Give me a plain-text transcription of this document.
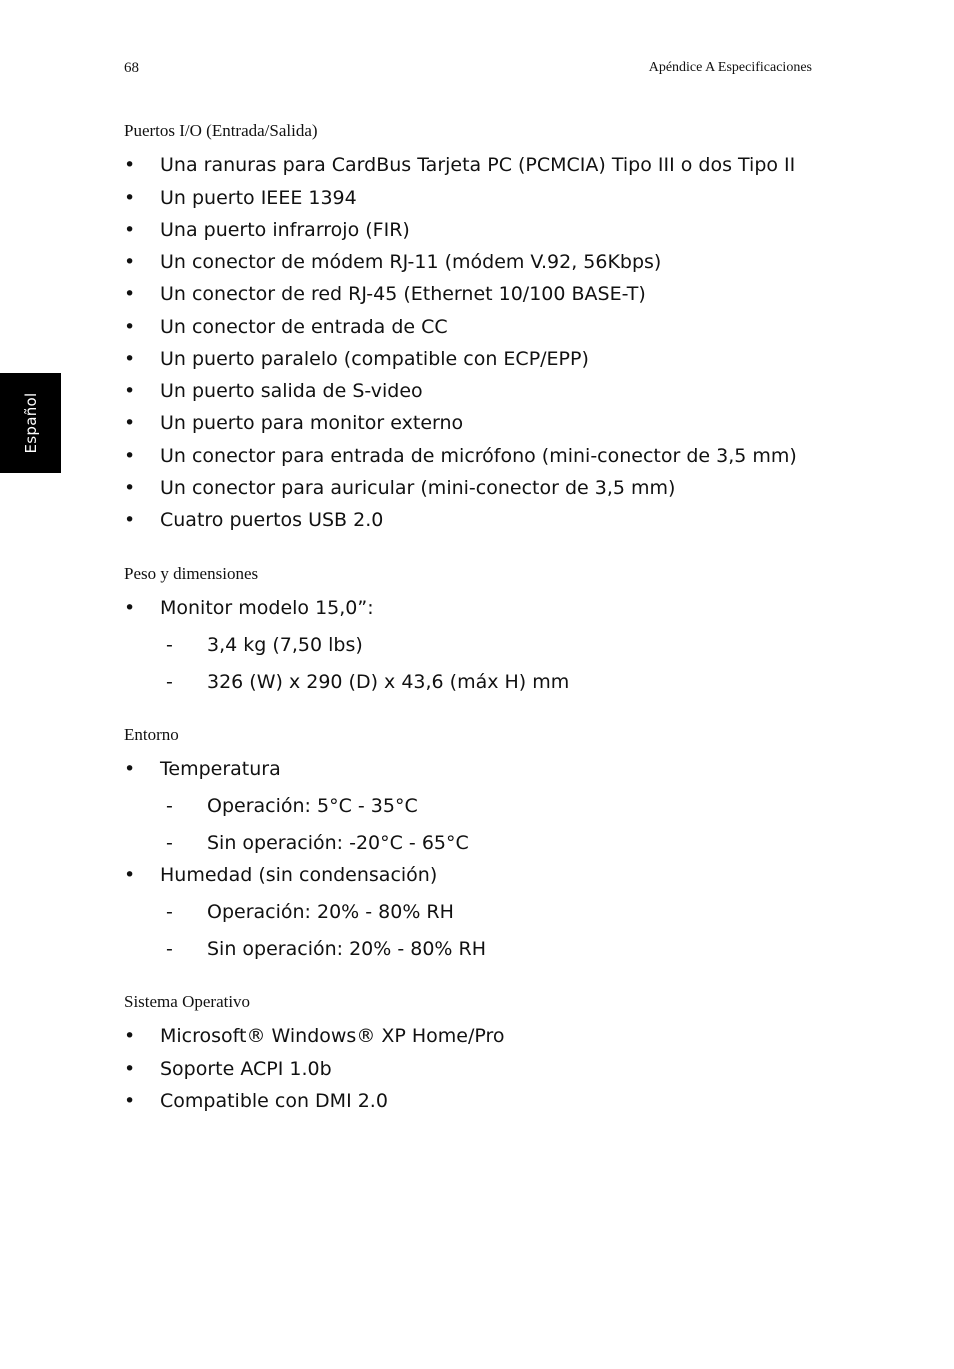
68	Apéndice A Especificaciones
Español
Puertos I/O (Entrada/Salida)
• Una ranuras para CardBus Tarjeta PC (PCMCIA) Tipo III o dos Tipo II
• Un puerto IEEE 1394
• Una puerto infrarrojo (FIR)
• Un conector de módem RJ-11 (módem V.92, 56Kbps)
• Un conector de red RJ-45 (Ethernet 10/100 BASE-T)
• Un conector de entrada de CC
• Un puerto paralelo (compatible con ECP/EPP)
• Un puerto salida de S-video
• Un puerto para monitor externo
• Un conector para entrada de micrófono (mini-conector de 3,5 mm)
• Un conector para auricular (mini-conector de 3,5 mm)
• Cuatro puertos USB 2.0
Peso y dimensiones
• Monitor modelo 15,0”:
- 3,4 kg (7,50 lbs)
- 326 (W) x 290 (D) x 43,6 (máx H) mm
Entorno
• Temperatura
- Operación: 5°C - 35°C
- Sin operación: -20°C - 65°C
• Humedad (sin condensación)
- Operación: 20% - 80% RH
- Sin operación: 20% - 80% RH
Sistema Operativo
• Microsoft® Windows® XP Home/Pro
• Soporte ACPI 1.0b
• Compatible con DMI 2.0
